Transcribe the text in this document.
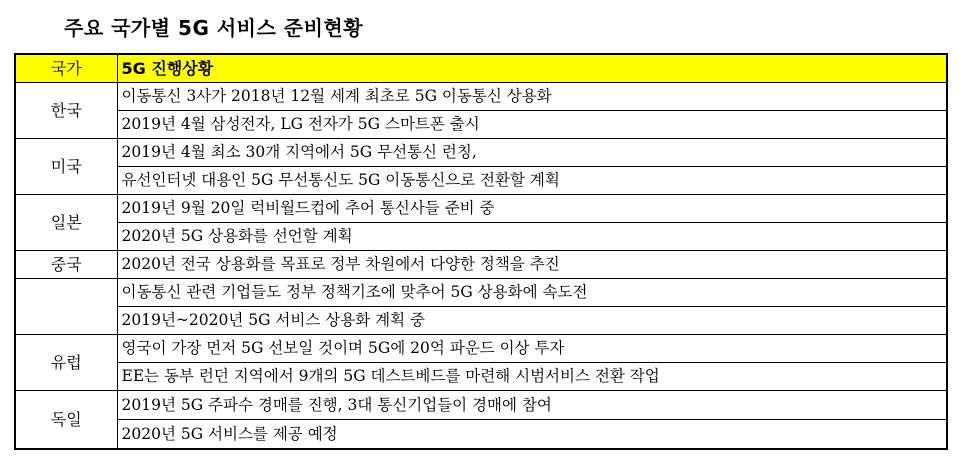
주요 국가별 5G 서비스 준비현황
국가	5G 진행상황
한국	이동통신 3사가 2018년 12월 세계 최초로 5G 이동통신 상용화
	2019년 4월 삼성전자, LG 전자가 5G 스마트폰 출시
미국	2019년 4월 최소 30개 지역에서 5G 무선통신 런칭,
	유선인터넷 대용인 5G 무선통신도 5G 이동통신으로 전환할 계획
일본	2019년 9월 20일 럭비월드컵에 추어 통신사들 준비 중
	2020년 5G 상용화를 선언할 계획
중국	2020년 전국 상용화를 목표로 정부 차원에서 다양한 정책을 추진
	이동통신 관련 기업들도 정부 정책기조에 맞추어 5G 상용화에 속도전
	2019년~2020년 5G 서비스 상용화 계획 중
유럽	영국이 가장 먼저 5G 선보일 것이며 5G에 20억 파운드 이상 투자
	EE는 동부 런던 지역에서 9개의 5G 데스트베드를 마련해 시범서비스 전환 작업
독일	2019년 5G 주파수 경매를 진행, 3대 통신기업들이 경매에 참여
	2020년 5G 서비스를 제공 예정
